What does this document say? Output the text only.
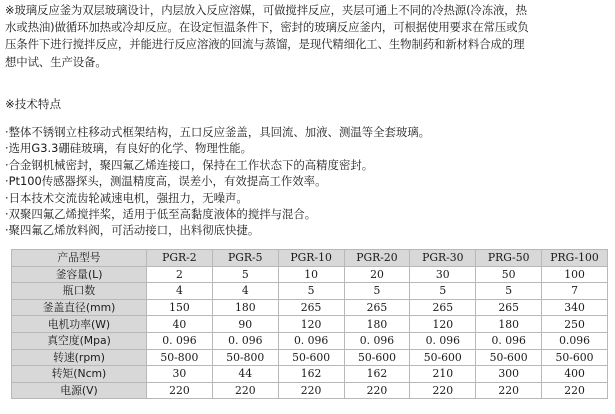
※玻璃反应釜为双层玻璃设计，内层放入反应溶媒，可做搅拌反应，夹层可通上不同的冷热源(冷冻液，热
水或热油)做循环加热或冷却反应。在设定恒温条件下，密封的玻璃反应釜内，可根据使用要求在常压或负
压条件下进行搅拌反应，并能进行反应溶液的回流与蒸馏，是现代精细化工、生物制药和新材料合成的理
想中试、生产设备。
※技术特点
·整体不锈钢立柱移动式框架结构，五口反应釜盖，具回流、加液、测温等全套玻璃。
·选用G3.3硼硅玻璃，有良好的化学、物理性能。
·合金钢机械密封，聚四氟乙烯连接口，保持在工作状态下的高精度密封。
·Pt100传感器探头，测温精度高，误差小，有效提高工作效率。
·日本技术交流齿轮减速电机，强扭力，无噪声。
·双聚四氟乙烯搅拌桨，适用于低至高黏度液体的搅拌与混合。
·聚四氟乙烯放料阀，可活动接口，出料彻底快捷。
产品型号	PGR-2	PGR-5	PGR-10	PGR-20	PGR-30	PRG-50	PRG-100
釜容量(L)	2	5	10	20	30	50	100
瓶口数	4	4	5	5	5	5	7
釜盖直径(mm)	150	180	265	265	265	265	340
电机功率(W)	40	90	120	180	120	180	250
真空度(Mpa)	0. 096	0. 096	0. 096	0. 096	0. 096	0. 096	0.096
转速(rpm)	50-800	50-800	50-600	50-600	50-600	50-600	50-600
转矩(Ncm)	30	44	162	162	210	300	400
电源(V)	220	220	220	220	220	220	220
